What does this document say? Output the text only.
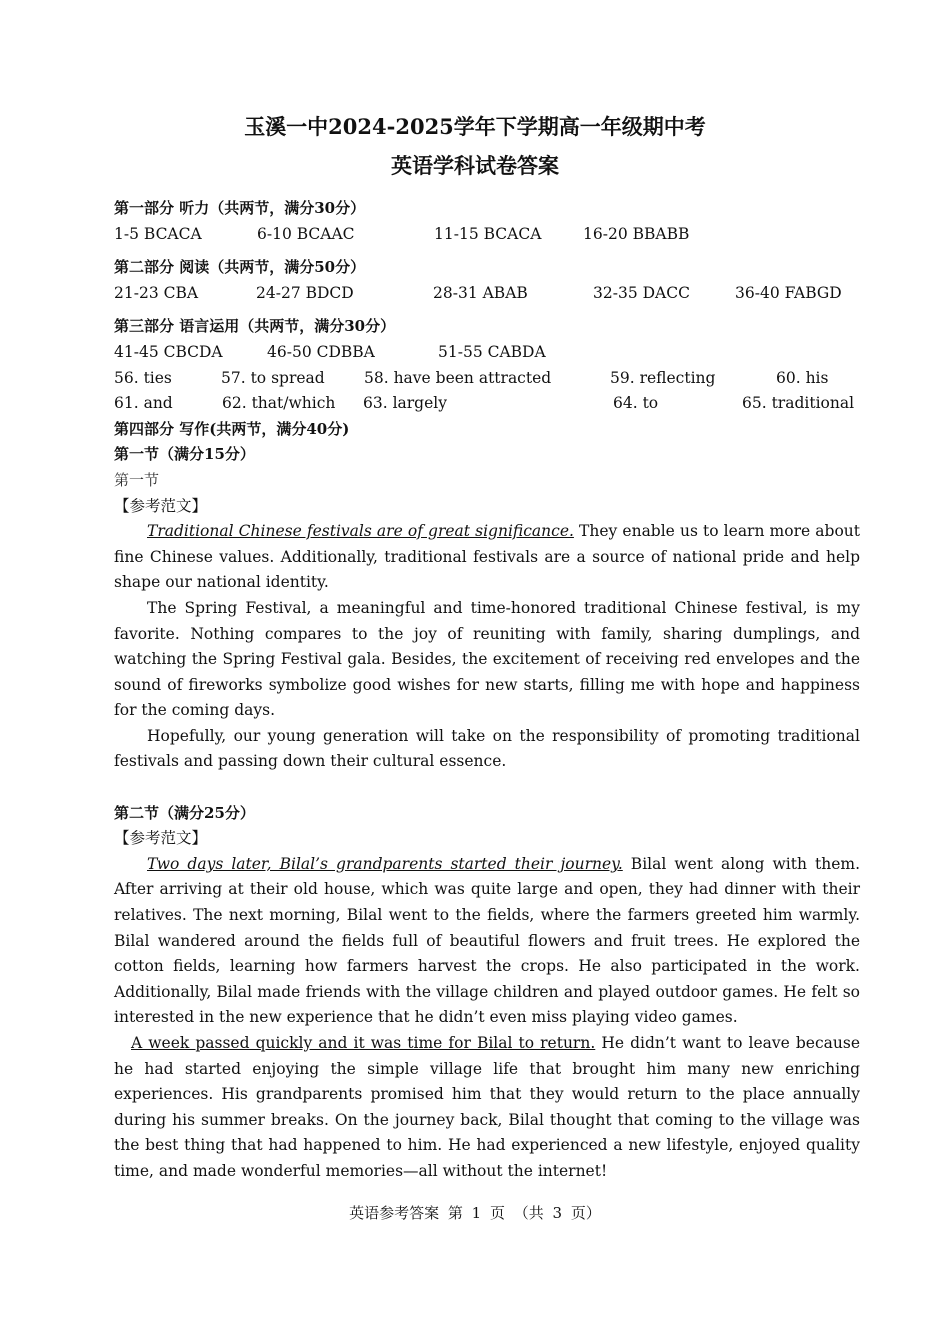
玉溪一中2024-2025学年下学期高一年级期中考
英语学科试卷答案
第一部分 听力（共两节，满分30分）
1-5 BCACA	6-10 BCAAC	11-15 BCACA	16-20 BBABB
第二部分 阅读（共两节，满分50分）
21-23 CBA	24-27 BDCD	28-31 ABAB	32-35 DACC	36-40 FABGD
第三部分 语言运用（共两节，满分30分）
41-45 CBCDA	46-50 CDBBA	51-55 CABDA
56. ties	57. to spread	58. have been attracted	59. reflecting	60. his
61. and	62. that/which 63. largely	64. to	65. traditional
第四部分 写作(共两节，满分40分)
第一节（满分15分）
第一节
【参考范文】

Traditional Chinese festivals are of great significance. They enable us to learn more about fine Chinese values. Additionally, traditional festivals are a source of national pride and help shape our national identity.

The Spring Festival, a meaningful and time-honored traditional Chinese festival, is my favorite. Nothing compares to the joy of reuniting with family, sharing dumplings, and watching the Spring Festival gala. Besides, the excitement of receiving red envelopes and the sound of fireworks symbolize good wishes for new starts, filling me with hope and happiness for the coming days.

Hopefully, our young generation will take on the responsibility of promoting traditional festivals and passing down their cultural essence.

第二节（满分25分）
【参考范文】

Two days later, Bilal’s grandparents started their journey. Bilal went along with them. After arriving at their old house, which was quite large and open, they had dinner with their relatives. The next morning, Bilal went to the fields, where the farmers greeted him warmly. Bilal wandered around the fields full of beautiful flowers and fruit trees. He explored the cotton fields, learning how farmers harvest the crops. He also participated in the work. Additionally, Bilal made friends with the village children and played outdoor games. He felt so interested in the new experience that he didn’t even miss playing video games.

A week passed quickly and it was time for Bilal to return. He didn’t want to leave because he had started enjoying the simple village life that brought him many new enriching experiences. His grandparents promised him that they would return to the place annually during his summer breaks. On the journey back, Bilal thought that coming to the village was the best thing that had happened to him. He had experienced a new lifestyle, enjoyed quality time, and made wonderful memories—all without the internet!

英语参考答案 第 1 页 （共 3 页）
